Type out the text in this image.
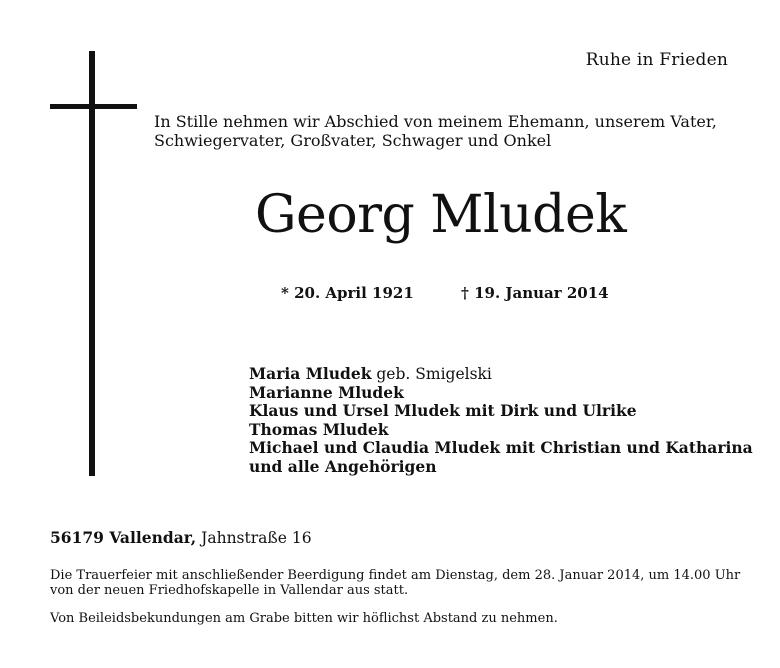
Ruhe in Frieden
In Stille nehmen wir Abschied von meinem Ehemann, unserem Vater,
Schwiegervater, Großvater, Schwager und Onkel
Georg Mludek
* 20. April 1921	† 19. Januar 2014
Maria Mludek geb. Smigelski
Marianne Mludek
Klaus und Ursel Mludek mit Dirk und Ulrike
Thomas Mludek
Michael und Claudia Mludek mit Christian und Katharina
und alle Angehörigen
56179 Vallendar, Jahnstraße 16
Die Trauerfeier mit anschließender Beerdigung findet am Dienstag, dem 28. Januar 2014, um 14.00 Uhr von der neuen Friedhofskapelle in Vallendar aus statt.
Von Beileidsbekundungen am Grabe bitten wir höflichst Abstand zu nehmen.
